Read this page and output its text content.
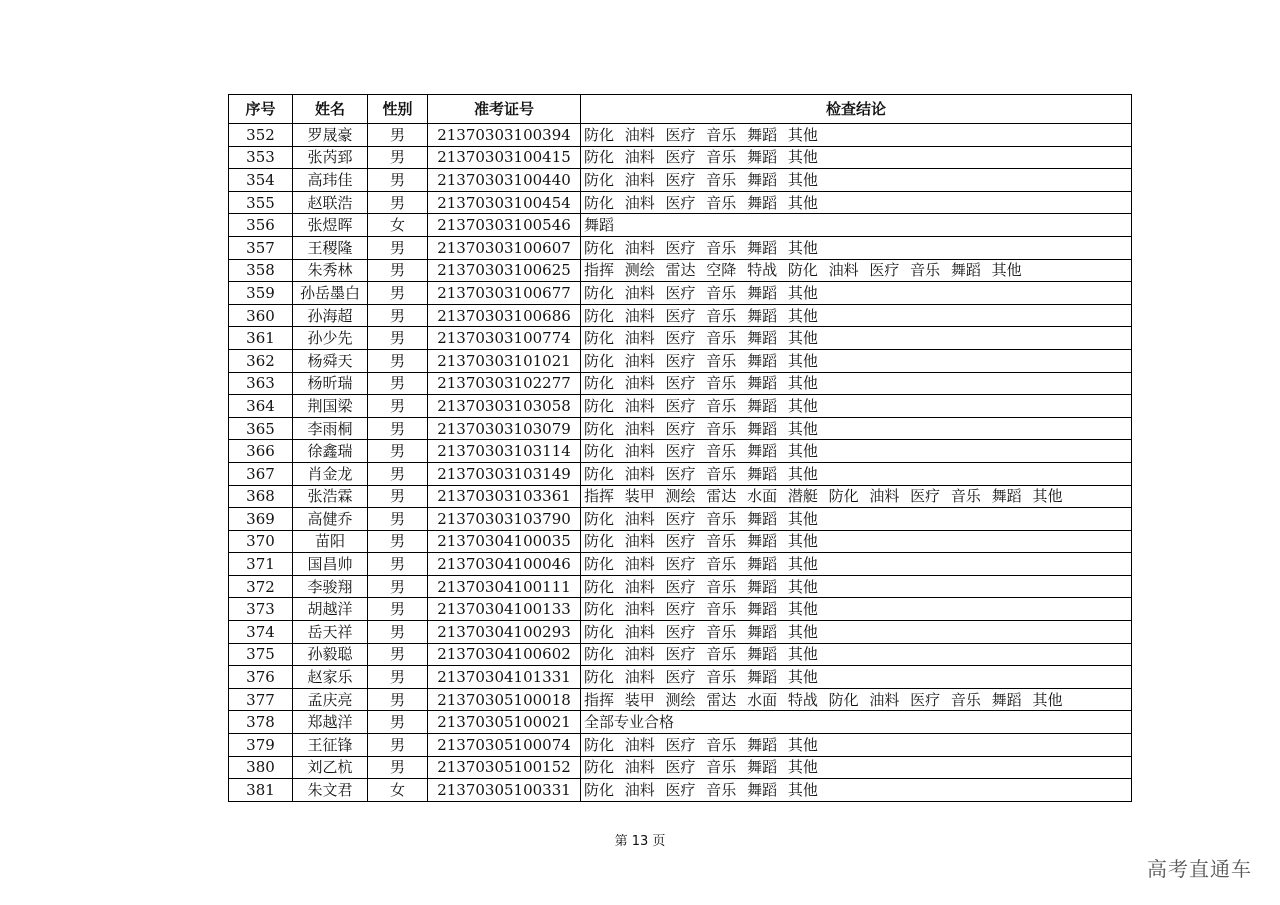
序号	姓名	性别	准考证号	检查结论
352	罗晟豪	男	21370303100394	防化 油料 医疗 音乐 舞蹈 其他
353	张芮郅	男	21370303100415	防化 油料 医疗 音乐 舞蹈 其他
354	高玮佳	男	21370303100440	防化 油料 医疗 音乐 舞蹈 其他
355	赵联浩	男	21370303100454	防化 油料 医疗 音乐 舞蹈 其他
356	张煜晖	女	21370303100546	舞蹈
357	王稷隆	男	21370303100607	防化 油料 医疗 音乐 舞蹈 其他
358	朱秀林	男	21370303100625	指挥 测绘 雷达 空降 特战 防化 油料 医疗 音乐 舞蹈 其他
359	孙岳墨白	男	21370303100677	防化 油料 医疗 音乐 舞蹈 其他
360	孙海超	男	21370303100686	防化 油料 医疗 音乐 舞蹈 其他
361	孙少先	男	21370303100774	防化 油料 医疗 音乐 舞蹈 其他
362	杨舜天	男	21370303101021	防化 油料 医疗 音乐 舞蹈 其他
363	杨昕瑞	男	21370303102277	防化 油料 医疗 音乐 舞蹈 其他
364	荆国梁	男	21370303103058	防化 油料 医疗 音乐 舞蹈 其他
365	李雨桐	男	21370303103079	防化 油料 医疗 音乐 舞蹈 其他
366	徐鑫瑞	男	21370303103114	防化 油料 医疗 音乐 舞蹈 其他
367	肖金龙	男	21370303103149	防化 油料 医疗 音乐 舞蹈 其他
368	张浩霖	男	21370303103361	指挥 装甲 测绘 雷达 水面 潜艇 防化 油料 医疗 音乐 舞蹈 其他
369	高健乔	男	21370303103790	防化 油料 医疗 音乐 舞蹈 其他
370	苗阳	男	21370304100035	防化 油料 医疗 音乐 舞蹈 其他
371	国昌帅	男	21370304100046	防化 油料 医疗 音乐 舞蹈 其他
372	李骏翔	男	21370304100111	防化 油料 医疗 音乐 舞蹈 其他
373	胡越洋	男	21370304100133	防化 油料 医疗 音乐 舞蹈 其他
374	岳天祥	男	21370304100293	防化 油料 医疗 音乐 舞蹈 其他
375	孙毅聪	男	21370304100602	防化 油料 医疗 音乐 舞蹈 其他
376	赵家乐	男	21370304101331	防化 油料 医疗 音乐 舞蹈 其他
377	孟庆亮	男	21370305100018	指挥 装甲 测绘 雷达 水面 特战 防化 油料 医疗 音乐 舞蹈 其他
378	郑越洋	男	21370305100021	全部专业合格
379	王征锋	男	21370305100074	防化 油料 医疗 音乐 舞蹈 其他
380	刘乙杭	男	21370305100152	防化 油料 医疗 音乐 舞蹈 其他
381	朱文君	女	21370305100331	防化 油料 医疗 音乐 舞蹈 其他
第 13 页
高考直通车
